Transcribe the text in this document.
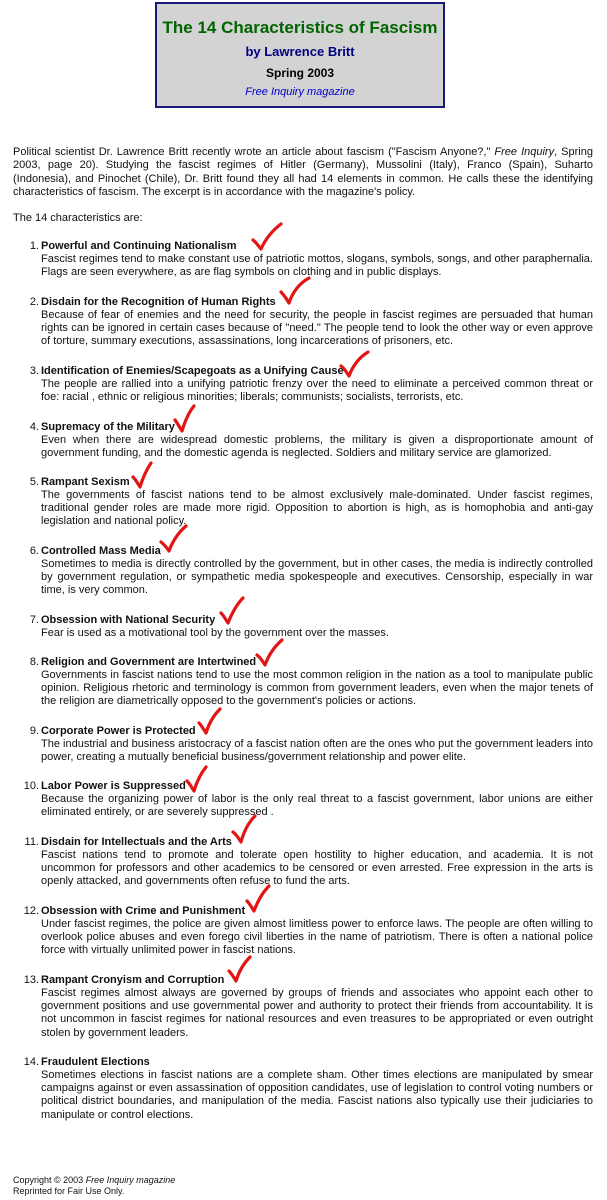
The 14 Characteristics of Fascism
by Lawrence Britt
Spring 2003
Free Inquiry magazine

Political scientist Dr. Lawrence Britt recently wrote an article about fascism ("Fascism Anyone?," Free Inquiry, Spring 2003, page 20). Studying the fascist regimes of Hitler (Germany), Mussolini (Italy), Franco (Spain), Suharto (Indonesia), and Pinochet (Chile), Dr. Britt found they all had 14 elements in common. He calls these the identifying characteristics of fascism. The excerpt is in accordance with the magazine's policy.

The 14 characteristics are:

1. Powerful and Continuing Nationalism

Fascist regimes tend to make constant use of patriotic mottos, slogans, symbols, songs, and other paraphernalia. Flags are seen everywhere, as are flag symbols on clothing and in public displays.

2. Disdain for the Recognition of Human Rights

Because of fear of enemies and the need for security, the people in fascist regimes are persuaded that human rights can be ignored in certain cases because of "need." The people tend to look the other way or even approve of torture, summary executions, assassinations, long incarcerations of prisoners, etc.

3. Identification of Enemies/Scapegoats as a Unifying Cause

The people are rallied into a unifying patriotic frenzy over the need to eliminate a perceived common threat or foe: racial , ethnic or religious minorities; liberals; communists; socialists, terrorists, etc.

4. Supremacy of the Military

Even when there are widespread domestic problems, the military is given a disproportionate amount of government funding, and the domestic agenda is neglected. Soldiers and military service are glamorized.

5. Rampant Sexism

The governments of fascist nations tend to be almost exclusively male-dominated. Under fascist regimes, traditional gender roles are made more rigid. Opposition to abortion is high, as is homophobia and anti-gay legislation and national policy.

6. Controlled Mass Media

Sometimes to media is directly controlled by the government, but in other cases, the media is indirectly controlled by government regulation, or sympathetic media spokespeople and executives. Censorship, especially in war time, is very common.

7. Obsession with National Security

Fear is used as a motivational tool by the government over the masses.

8. Religion and Government are Intertwined

Governments in fascist nations tend to use the most common religion in the nation as a tool to manipulate public opinion. Religious rhetoric and terminology is common from government leaders, even when the major tenets of the religion are diametrically opposed to the government's policies or actions.

9. Corporate Power is Protected

The industrial and business aristocracy of a fascist nation often are the ones who put the government leaders into power, creating a mutually beneficial business/government relationship and power elite.

10. Labor Power is Suppressed

Because the organizing power of labor is the only real threat to a fascist government, labor unions are either eliminated entirely, or are severely suppressed .

11. Disdain for Intellectuals and the Arts

Fascist nations tend to promote and tolerate open hostility to higher education, and academia. It is not uncommon for professors and other academics to be censored or even arrested. Free expression in the arts is openly attacked, and governments often refuse to fund the arts.

12. Obsession with Crime and Punishment

Under fascist regimes, the police are given almost limitless power to enforce laws. The people are often willing to overlook police abuses and even forego civil liberties in the name of patriotism. There is often a national police force with virtually unlimited power in fascist nations.

13. Rampant Cronyism and Corruption

Fascist regimes almost always are governed by groups of friends and associates who appoint each other to government positions and use governmental power and authority to protect their friends from accountability. It is not uncommon in fascist regimes for national resources and even treasures to be appropriated or even outright stolen by government leaders.

14. Fraudulent Elections

Sometimes elections in fascist nations are a complete sham. Other times elections are manipulated by smear campaigns against or even assassination of opposition candidates, use of legislation to control voting numbers or political district boundaries, and manipulation of the media. Fascist nations also typically use their judiciaries to manipulate or control elections.

Copyright © 2003 Free Inquiry magazine
Reprinted for Fair Use Only.
